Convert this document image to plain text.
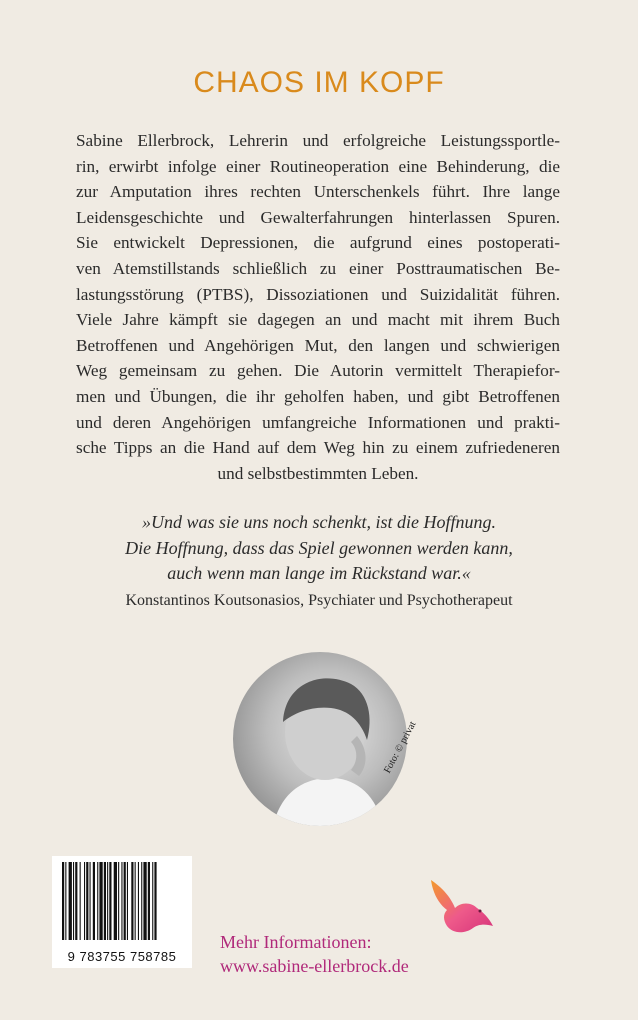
CHAOS IM KOPF

Sabine Ellerbrock, Lehrerin und erfolgreiche Leistungssportle-
rin, erwirbt infolge einer Routineoperation eine Behinderung, die
zur Amputation ihres rechten Unterschenkels führt. Ihre lange
Leidensgeschichte und Gewalterfahrungen hinterlassen Spuren.
Sie entwickelt Depressionen, die aufgrund eines postoperati-
ven Atemstillstands schließlich zu einer Posttraumatischen Be-
lastungsstörung (PTBS), Dissoziationen und Suizidalität führen.
Viele Jahre kämpft sie dagegen an und macht mit ihrem Buch
Betroffenen und Angehörigen Mut, den langen und schwierigen
Weg gemeinsam zu gehen. Die Autorin vermittelt Therapiefor-
men und Übungen, die ihr geholfen haben, und gibt Betroffenen
und deren Angehörigen umfangreiche Informationen und prakti-
sche Tipps an die Hand auf dem Weg hin zu einem zufriedeneren
und selbstbestimmten Leben.

»Und was sie uns noch schenkt, ist die Hoffnung.
Die Hoffnung, dass das Spiel gewonnen werden kann,
auch wenn man lange im Rückstand war.«
Konstantinos Koutsonasios, Psychiater und Psychotherapeut
Foto: © privat
9 783755 758785
Mehr Informationen:
www.sabine-ellerbrock.de
